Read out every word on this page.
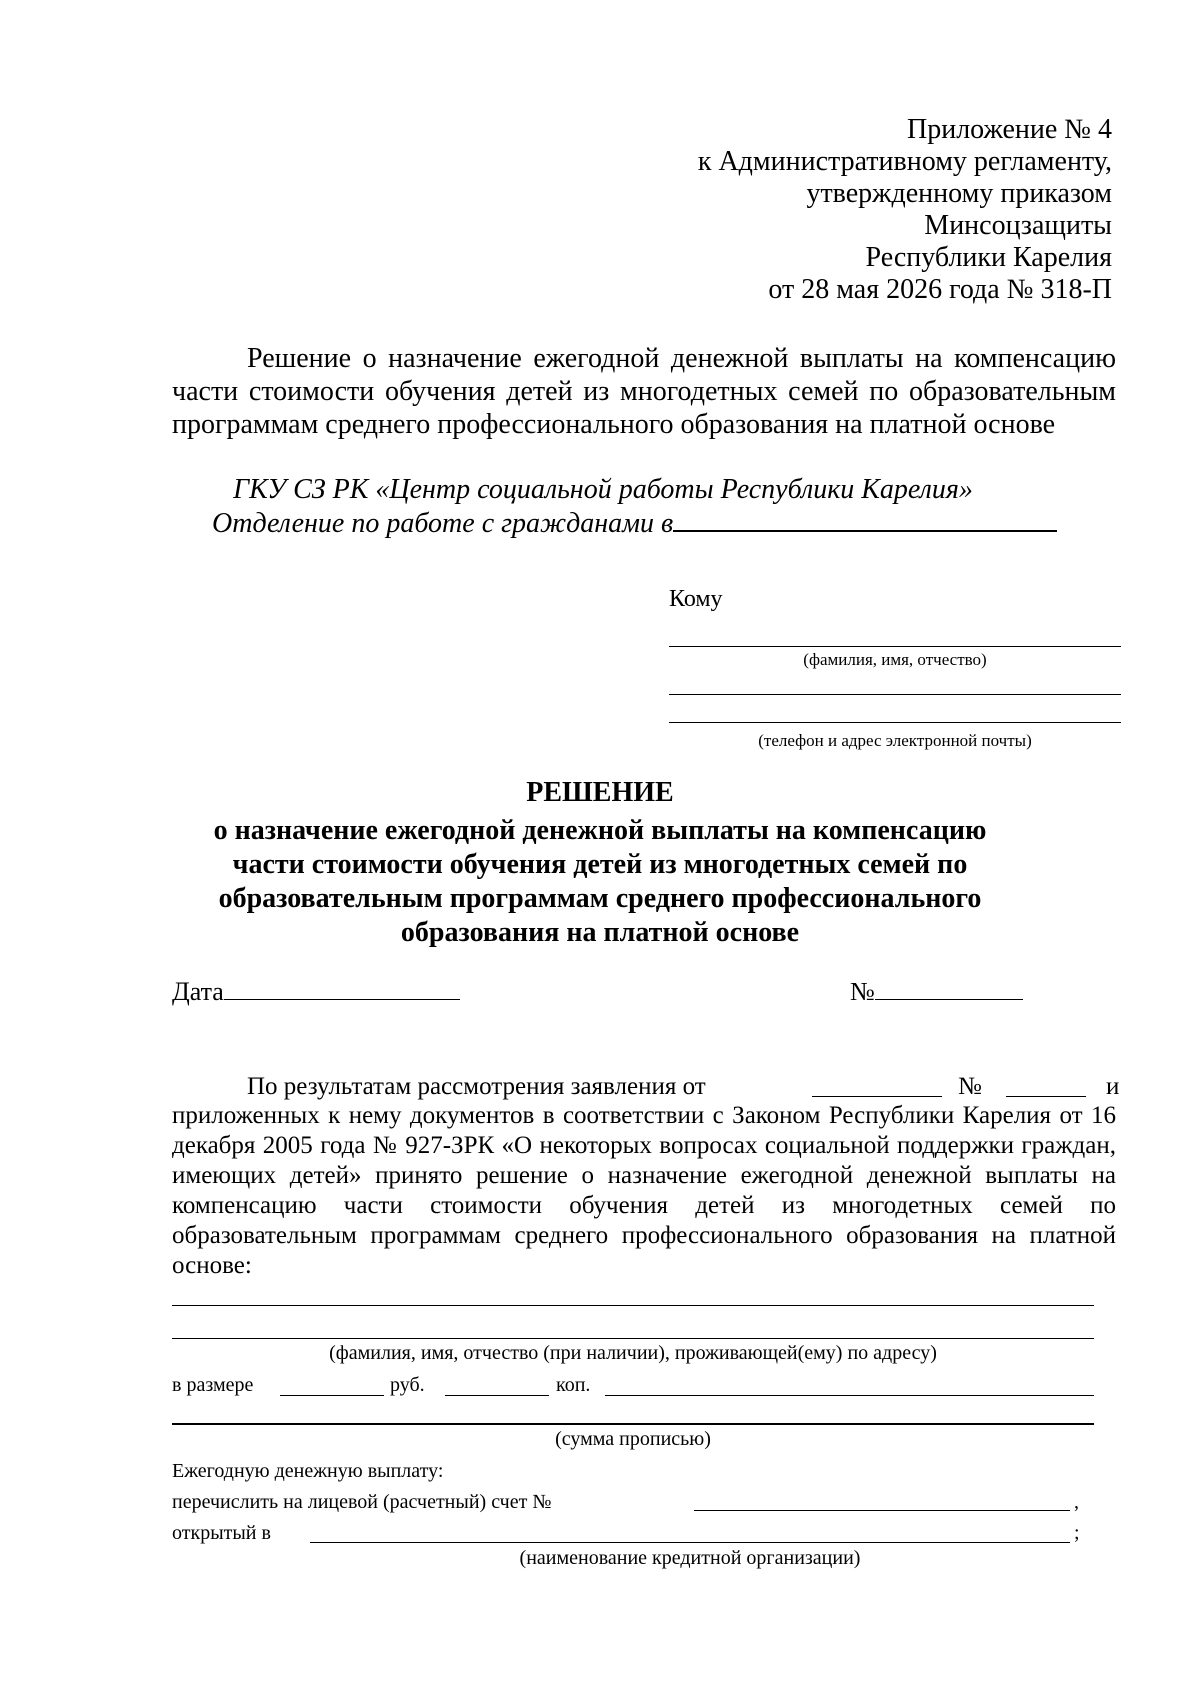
Приложение № 4
к Административному регламенту,
утвержденному приказом
Минсоцзащиты
Республики Карелия
от 28 мая 2026 года № 318-П

Решение о назначение ежегодной денежной выплаты на компенсацию части стоимости обучения детей из многодетных семей по образовательным программам среднего профессионального образования на платной основе

ГКУ СЗ РК «Центр социальной работы Республики Карелия»
Отделение по работе с гражданами в
Кому
(фамилия, имя, отчество)
(телефон и адрес электронной почты)
РЕШЕНИЕ
о назначение ежегодной денежной выплаты на компенсацию части стоимости обучения детей из многодетных семей по образовательным программам среднего профессионального образования на платной основе
Дата	№
По результатам рассмотрения заявления от	№	и

приложенных к нему документов в соответствии с Законом Республики Карелия от 16 декабря 2005 года № 927-ЗРК «О некоторых вопросах социальной поддержки граждан, имеющих детей» принято решение о назначение ежегодной денежной выплаты на компенсацию части стоимости обучения детей из многодетных семей по образовательным программам среднего профессионального образования на платной основе:

(фамилия, имя, отчество (при наличии), проживающей(ему) по адресу)
в размере	руб.	коп.
(сумма прописью)
Ежегодную денежную выплату:
перечислить на лицевой (расчетный) счет №	,
открытый в	;
(наименование кредитной организации)
